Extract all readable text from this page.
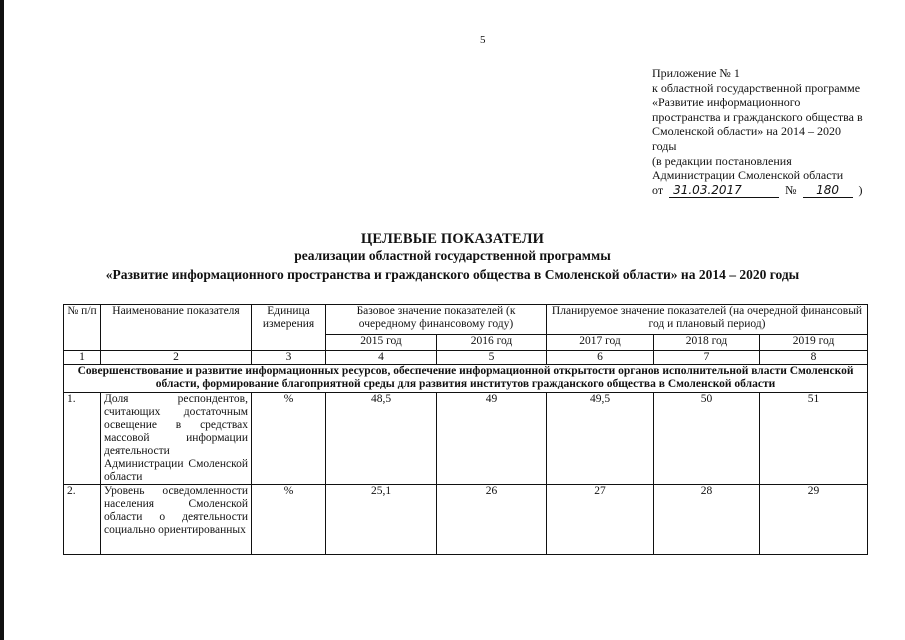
5
Приложение № 1
к областной государственной программе
«Развитие информационного
пространства и гражданского общества в
Смоленской области» на 2014 – 2020
годы
(в редакции постановления
Администрации Смоленской области
от 31.03.2017	№	180	)
ЦЕЛЕВЫЕ ПОКАЗАТЕЛИ
реализации областной государственной программы
«Развитие информационного пространства и гражданского общества в Смоленской области» на 2014 – 2020 годы
№ п/п	Наименование показателя	Единица измерения	Базовое значение показателей (к очередному финансовому году)		Планируемое значение показателей (на очередной финансовый год и плановый период)		
			2015 год	2016 год	2017 год	2018 год	2019 год
1	2	3	4	5	6	7	8
Совершенствование и развитие информационных ресурсов, обеспечение информационной открытости органов исполнительной власти Смоленской области, формирование благоприятной среды для развития институтов гражданского общества в Смоленской области							
1.	Доля респондентов, считающих достаточным освещение в средствах массовой информации деятельности Администрации Смоленской области	%	48,5	49	49,5	50	51
2.	Уровень осведомленности населения Смоленской области о деятельности социально ориентированных	%	25,1	26	27	28	29
